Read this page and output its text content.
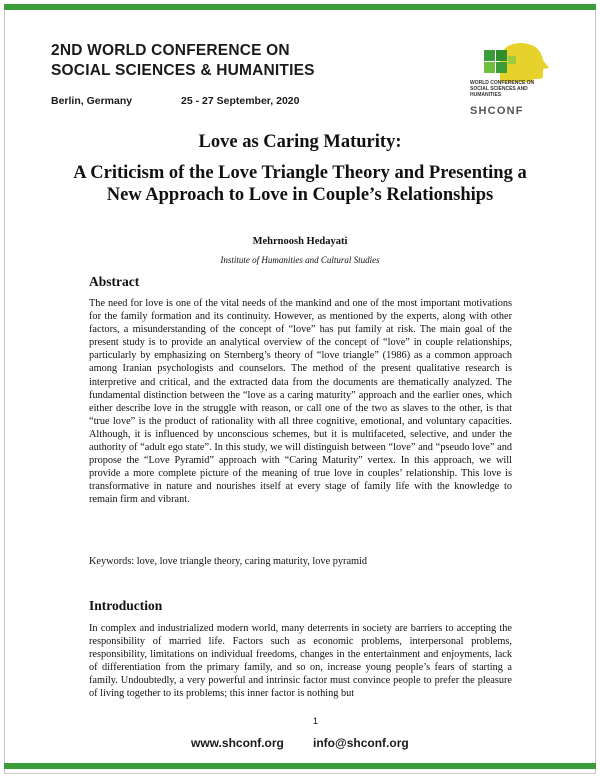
2ND WORLD CONFERENCE ON
SOCIAL SCIENCES & HUMANITIES
Berlin, Germany	25 - 27 September, 2020
WORLD CONFERENCE ON SOCIAL SCIENCES AND HUMANITIES
SHCONF
Love as Caring Maturity:
A Criticism of the Love Triangle Theory and Presenting a New Approach to Love in Couple’s Relationships
Mehrnoosh Hedayati
Institute of Humanities and Cultural Studies
Abstract
The need for love is one of the vital needs of the mankind and one of the most important motivations for the family formation and its continuity. However, as mentioned by the experts, along with other factors, a misunderstanding of the concept of “love” has put family at risk. The main goal of the present study is to provide an analytical overview of the concept of “love” in couple relationships, particularly by emphasizing on Sternberg’s theory of “love triangle” (1986) as a common approach among Iranian psychologists and counselors. The method of the present qualitative research is interpretive and critical, and the extracted data from the documents are thematically analyzed. The fundamental distinction between the “love as a caring maturity” approach and the earlier ones, which either describe love in the struggle with reason, or call one of the two as slaves to the other, is that “true love” is the product of rationality with all three cognitive, emotional, and voluntary capacities. Although, it is influenced by unconscious schemes, but it is multifaceted, selective, and under the authority of “adult ego state”. In this study, we will distinguish between “love” and “pseudo love” and propose the “Love Pyramid” approach with “Caring Maturity” vertex. In this approach, we will provide a more complete picture of the meaning of true love in couples’ relationship. This love is transformative in nature and nourishes itself at every stage of family life with the knowledge to remain firm and vibrant.
Keywords: love, love triangle theory, caring maturity, love pyramid
Introduction
In complex and industrialized modern world, many deterrents in society are barriers to accepting the responsibility of married life. Factors such as economic problems, interpersonal problems, responsibility, limitations on individual freedoms, changes in the entertainment and enjoyments, lack of differentiation from the primary family, and so on, increase young people’s fears of starting a family. Undoubtedly, a very powerful and intrinsic factor must convince people to prefer the pleasure of living together to its problems; this inner factor is nothing but
1
www.shconf.org info@shconf.org
